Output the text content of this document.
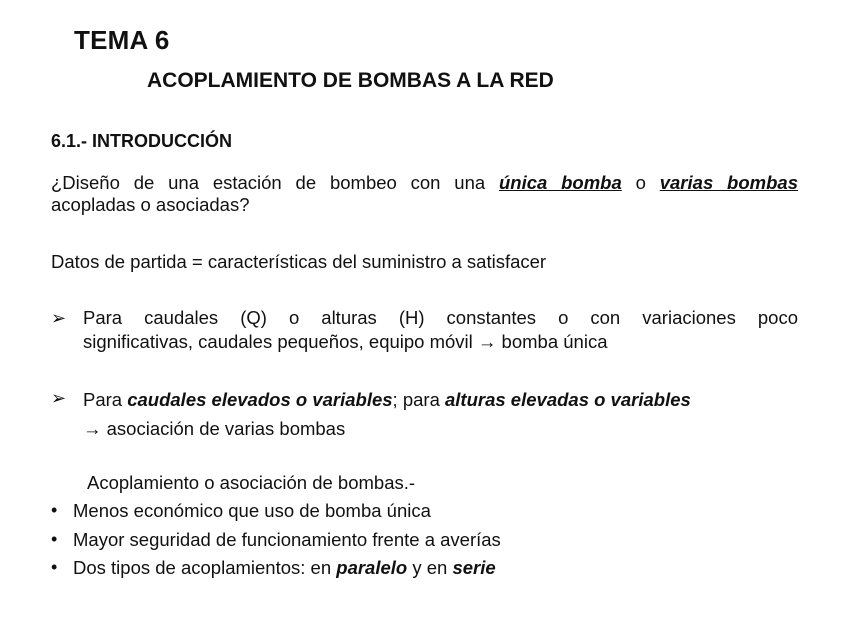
TEMA 6
ACOPLAMIENTO DE BOMBAS A LA RED
6.1.- INTRODUCCIÓN
¿Diseño de una estación de bombeo con una única bomba o varias bombas
acopladas o asociadas?
Datos de partida = características del suministro a satisfacer
➢ Para caudales (Q) o alturas (H) constantes o con variaciones poco
significativas, caudales pequeños, equipo móvil → bomba única
➢ Para caudales elevados o variables; para alturas elevadas o variables
→ asociación de varias bombas
Acoplamiento o asociación de bombas.-
• Menos económico que uso de bomba única
• Mayor seguridad de funcionamiento frente a averías
• Dos tipos de acoplamientos: en paralelo y en serie
